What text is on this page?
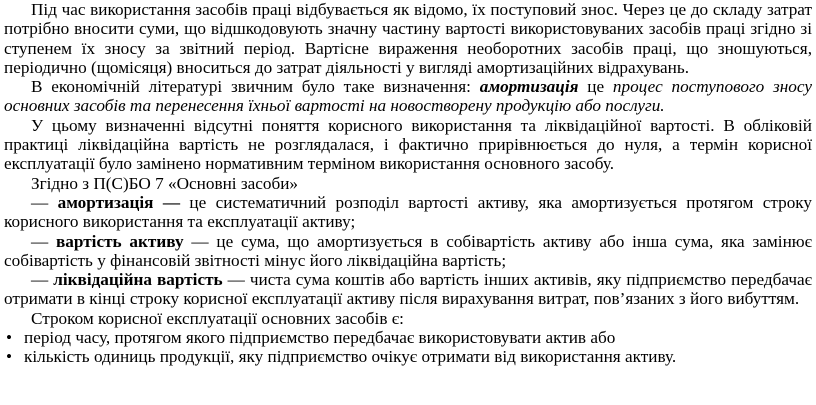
Під час використання засобів праці відбувається як відомо, їх поступовий знос. Через це до складу затрат потрібно вносити суми, що відшкодовують значну частину вартості використовуваних засобів праці згідно зі ступенем їх зносу за звітний період. Вартісне вираження необоротних засобів праці, що зношуються, періодично (щомісяця) вноситься до затрат діяльності у вигляді амортизаційних відрахувань.

В економічній літературі звичним було таке визначення: амортизація це процес поступового зносу основних засобів та перенесення їхньої вартості на новостворену продукцію або послуги.

У цьому визначенні відсутні поняття корисного використання та ліквідаційної вартості. В обліковій практиці ліквідаційна вартість не розглядалася, і фактично прирівнюється до нуля, а термін корисної експлуатації було замінено нормативним терміном використання основного засобу.

Згідно з П(С)БО 7 «Основні засоби»

— амортизація — це систематичний розподіл вартості активу, яка амортизується протягом строку корисного використання та експлуатації активу;

— вартість активу — це сума, що амортизується в собівартість активу або інша сума, яка замінює собівартість у фінансовій звітності мінус його ліквідаційна вартість;

— ліквідаційна вартість — чиста сума коштів або вартість інших активів, яку підприємство передбачає отримати в кінці строку корисної експлуатації активу після вирахування витрат, пов’язаних з його вибуттям.

Строком корисної експлуатації основних засобів є:

• період часу, протягом якого підприємство передбачає використовувати актив або
• кількість одиниць продукції, яку підприємство очікує отримати від використання активу.
